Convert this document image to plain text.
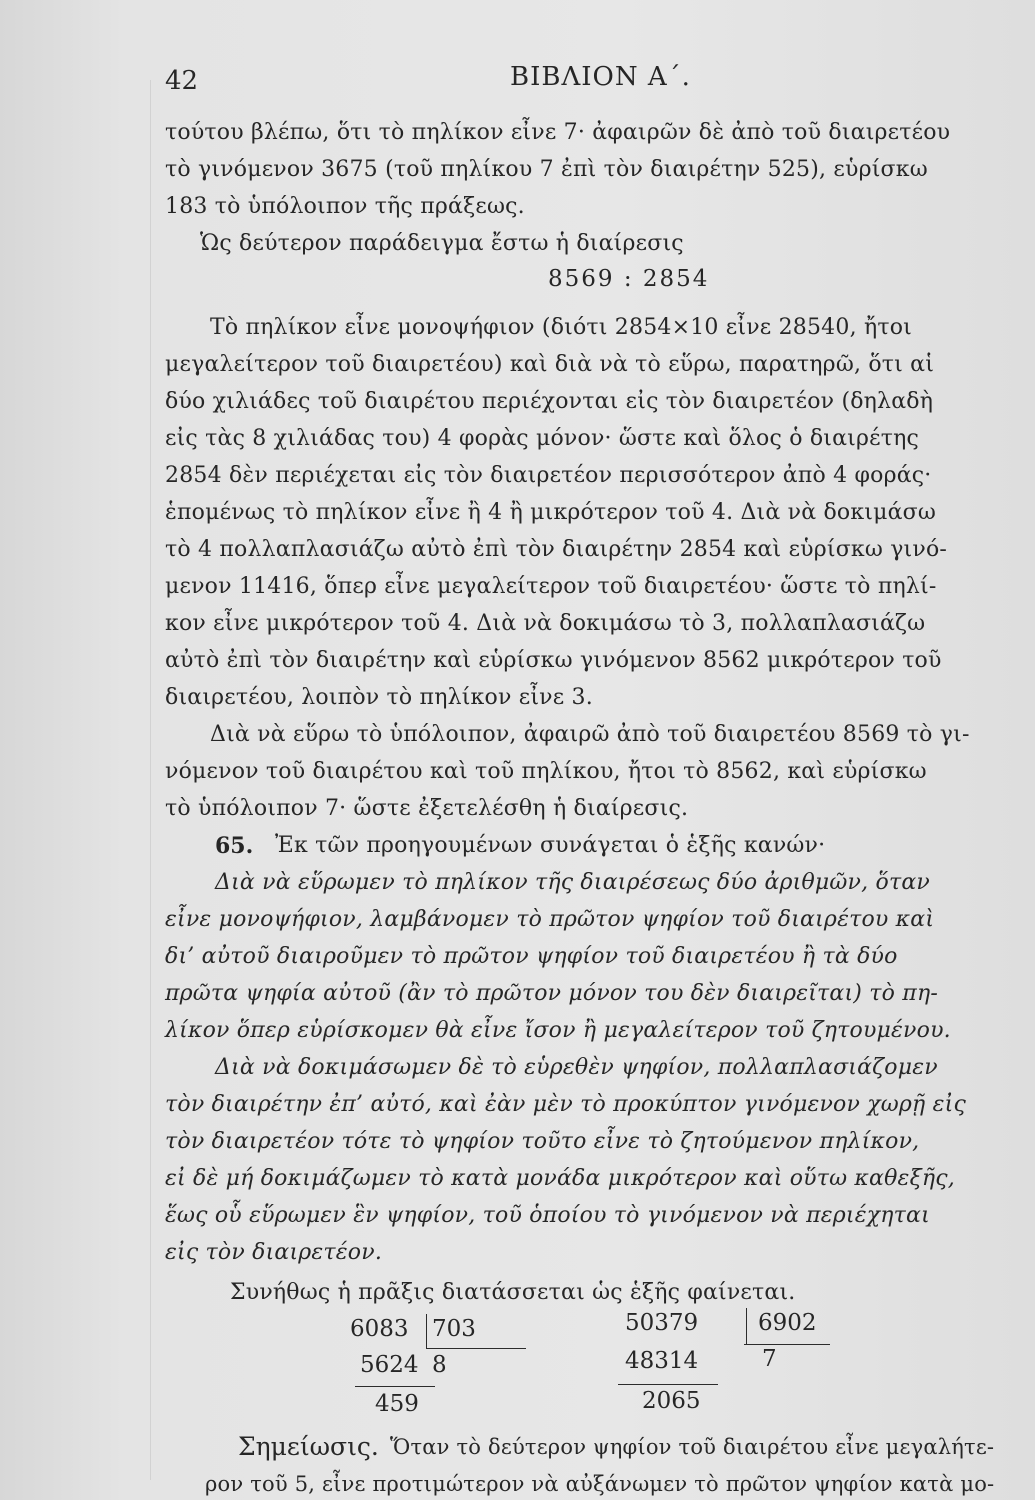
42	ΒΙΒΛΙΟΝ Α΄.
τούτου βλέπω, ὅτι τὸ πηλίκον εἶνε 7· ἀφαιρῶν δὲ ἀπὸ τοῦ διαιρετέου
τὸ γινόμενον 3675 (τοῦ πηλίκου 7 ἐπὶ τὸν διαιρέτην 525), εὑρίσκω
183 τὸ ὑπόλοιπον τῆς πράξεως.
Ὡς δεύτερον παράδειγμα ἔστω ἡ διαίρεσις
8569 : 2854
Τὸ πηλίκον εἶνε μονοψήφιον (διότι 2854×10 εἶνε 28540, ἤτοι
μεγαλείτερον τοῦ διαιρετέου) καὶ διὰ νὰ τὸ εὕρω, παρατηρῶ, ὅτι αἱ
δύο χιλιάδες τοῦ διαιρέτου περιέχονται εἰς τὸν διαιρετέον (δηλαδὴ
εἰς τὰς 8 χιλιάδας του) 4 φορὰς μόνον· ὥστε καὶ ὅλος ὁ διαιρέτης
2854 δὲν περιέχεται εἰς τὸν διαιρετέον περισσότερον ἀπὸ 4 φοράς·
ἑπομένως τὸ πηλίκον εἶνε ἢ 4 ἢ μικρότερον τοῦ 4. Διὰ νὰ δοκιμάσω
τὸ 4 πολλαπλασιάζω αὐτὸ ἐπὶ τὸν διαιρέτην 2854 καὶ εὑρίσκω γινό-
μενον 11416, ὅπερ εἶνε μεγαλείτερον τοῦ διαιρετέου· ὥστε τὸ πηλί-
κον εἶνε μικρότερον τοῦ 4. Διὰ νὰ δοκιμάσω τὸ 3, πολλαπλασιάζω
αὐτὸ ἐπὶ τὸν διαιρέτην καὶ εὑρίσκω γινόμενον 8562 μικρότερον τοῦ
διαιρετέου, λοιπὸν τὸ πηλίκον εἶνε 3.
Διὰ νὰ εὕρω τὸ ὑπόλοιπον, ἀφαιρῶ ἀπὸ τοῦ διαιρετέου 8569 τὸ γι-
νόμενον τοῦ διαιρέτου καὶ τοῦ πηλίκου, ἤτοι τὸ 8562, καὶ εὑρίσκω
τὸ ὑπόλοιπον 7· ὥστε ἐξετελέσθη ἡ διαίρεσις.
65. Ἐκ τῶν προηγουμένων συνάγεται ὁ ἑξῆς κανών·
Διὰ νὰ εὕρωμεν τὸ πηλίκον τῆς διαιρέσεως δύο ἀριθμῶν, ὅταν
εἶνε μονοψήφιον, λαμβάνομεν τὸ πρῶτον ψηφίον τοῦ διαιρέτου καὶ
δι’ αὐτοῦ διαιροῦμεν τὸ πρῶτον ψηφίον τοῦ διαιρετέου ἢ τὰ δύο
πρῶτα ψηφία αὐτοῦ (ἂν τὸ πρῶτον μόνον του δὲν διαιρεῖται) τὸ πη-
λίκον ὅπερ εὑρίσκομεν θὰ εἶνε ἴσον ἢ μεγαλείτερον τοῦ ζητουμένου.
Διὰ νὰ δοκιμάσωμεν δὲ τὸ εὑρεθὲν ψηφίον, πολλαπλασιάζομεν
τὸν διαιρέτην ἐπ’ αὐτό, καὶ ἐὰν μὲν τὸ προκύπτον γινόμενον χωρῇ εἰς
τὸν διαιρετέον τότε τὸ ψηφίον τοῦτο εἶνε τὸ ζητούμενον πηλίκον,
εἰ δὲ μή δοκιμάζωμεν τὸ κατὰ μονάδα μικρότερον καὶ οὕτω καθεξῆς,
ἕως οὗ εὕρωμεν ἓν ψηφίον, τοῦ ὁποίου τὸ γινόμενον νὰ περιέχηται
εἰς τὸν διαιρετέον.
Συνήθως ἡ πρᾶξις διατάσσεται ὡς ἑξῆς φαίνεται.
6083 703
5624 8
459
50379	6902
48314	7
2065
Σημείωσις. Ὅταν τὸ δεύτερον ψηφίον τοῦ διαιρέτου εἶνε μεγαλήτε-
ρον τοῦ 5, εἶνε προτιμώτερον νὰ αὐξάνωμεν τὸ πρῶτον ψηφίον κατὰ μο-
